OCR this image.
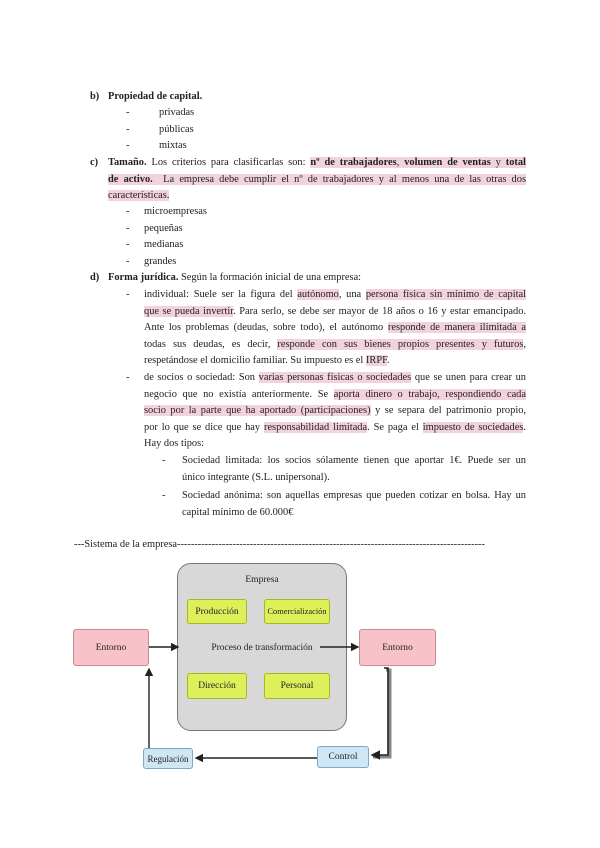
b) Propiedad de capital.
-	privadas
-	públicas
-	mixtas
c) Tamaño. Los criterios para clasificarlas son: nº de trabajadores, volumen de ventas y total
de activo. La empresa debe cumplir el nº de trabajadores y al menos una de las otras dos
características.
- microempresas
- pequeñas
- medianas
- grandes
d) Forma jurídica. Según la formación inicial de una empresa:
-	individual: Suele ser la figura del autónomo, una persona física sin mínimo de capital
que se pueda invertir. Para serlo, se debe ser mayor de 18 años o 16 y estar emancipado.
Ante los problemas (deudas, sobre todo), el autónomo responde de manera ilimitada a
todas sus deudas, es decir, responde con sus bienes propios presentes y futuros,
respetándose el domicilio familiar. Su impuesto es el IRPF.
-	de socios o sociedad: Son varias personas físicas o sociedades que se unen para crear un
negocio que no existía anteriormente. Se aporta dinero o trabajo, respondiendo cada
socio por la parte que ha aportado (participaciones) y se separa del patrimonio propio,
por lo que se dice que hay responsabilidad limitada. Se paga el impuesto de sociedades.
Hay dos tipos:
-	Sociedad limitada: los socios sólamente tienen que aportar 1€. Puede ser un
único integrante (S.L. unipersonal).
-	Sociedad anónima: son aquellas empresas que pueden cotizar en bolsa. Hay un
capital mínimo de 60.000€
---Sistema de la empresa-----------------------------------------------------------------------------------------
Empresa
Producción	Comercialización
Proceso de transformación
Dirección	Personal
Entorno	Entorno
Control
Regulación
